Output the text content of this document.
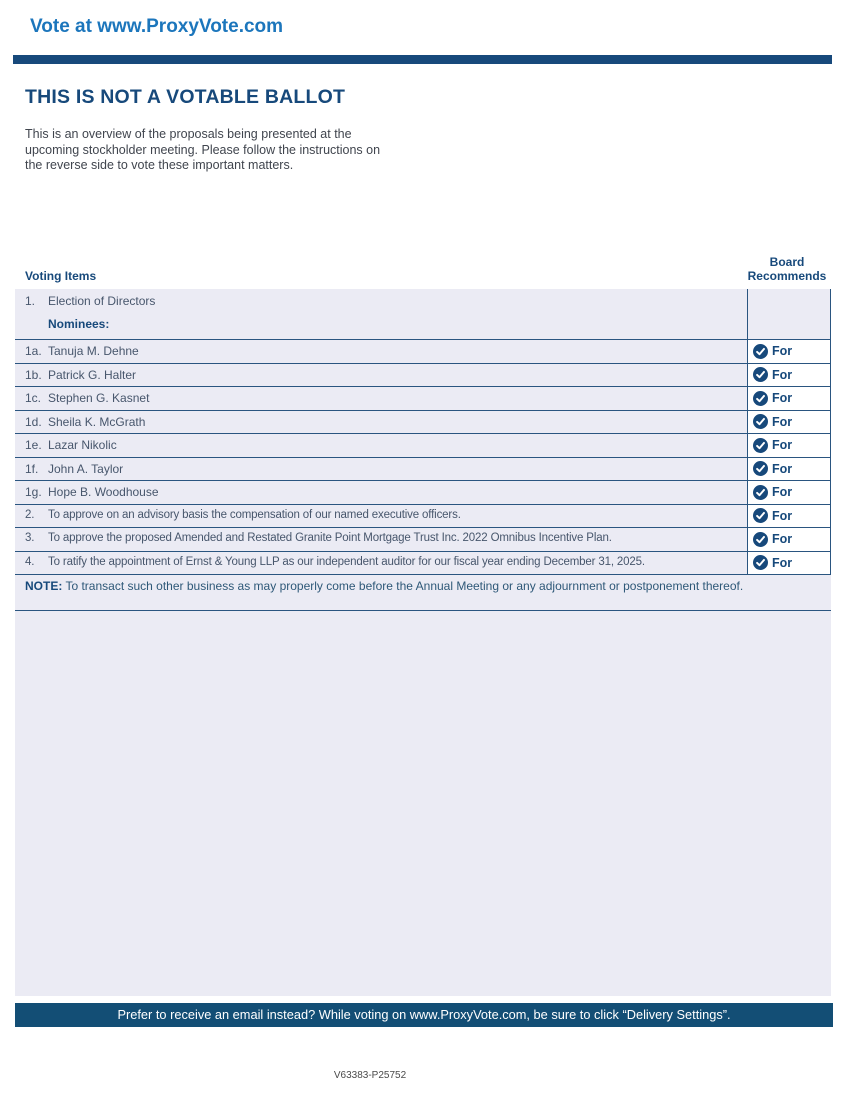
Vote at www.ProxyVote.com
THIS IS NOT A VOTABLE BALLOT
This is an overview of the proposals being presented at the
upcoming stockholder meeting. Please follow the instructions on
the reverse side to vote these important matters.
Voting Items
Board
Recommends
1.	Election of Directors
Nominees:
1a. Tanuja M. Dehne	For
1b. Patrick G. Halter	For
1c. Stephen G. Kasnet	For
1d. Sheila K. McGrath	For
1e. Lazar Nikolic	For
1f. John A. Taylor	For
1g. Hope B. Woodhouse	For
2.	To approve on an advisory basis the compensation of our named executive officers.	For
3.	To approve the proposed Amended and Restated Granite Point Mortgage Trust Inc. 2022 Omnibus Incentive Plan.	For
4.	To ratify the appointment of Ernst & Young LLP as our independent auditor for our fiscal year ending December 31, 2025.	For
NOTE: To transact such other business as may properly come before the Annual Meeting or any adjournment or postponement thereof.
Prefer to receive an email instead? While voting on www.ProxyVote.com, be sure to click “Delivery Settings”.
V63383-P25752
